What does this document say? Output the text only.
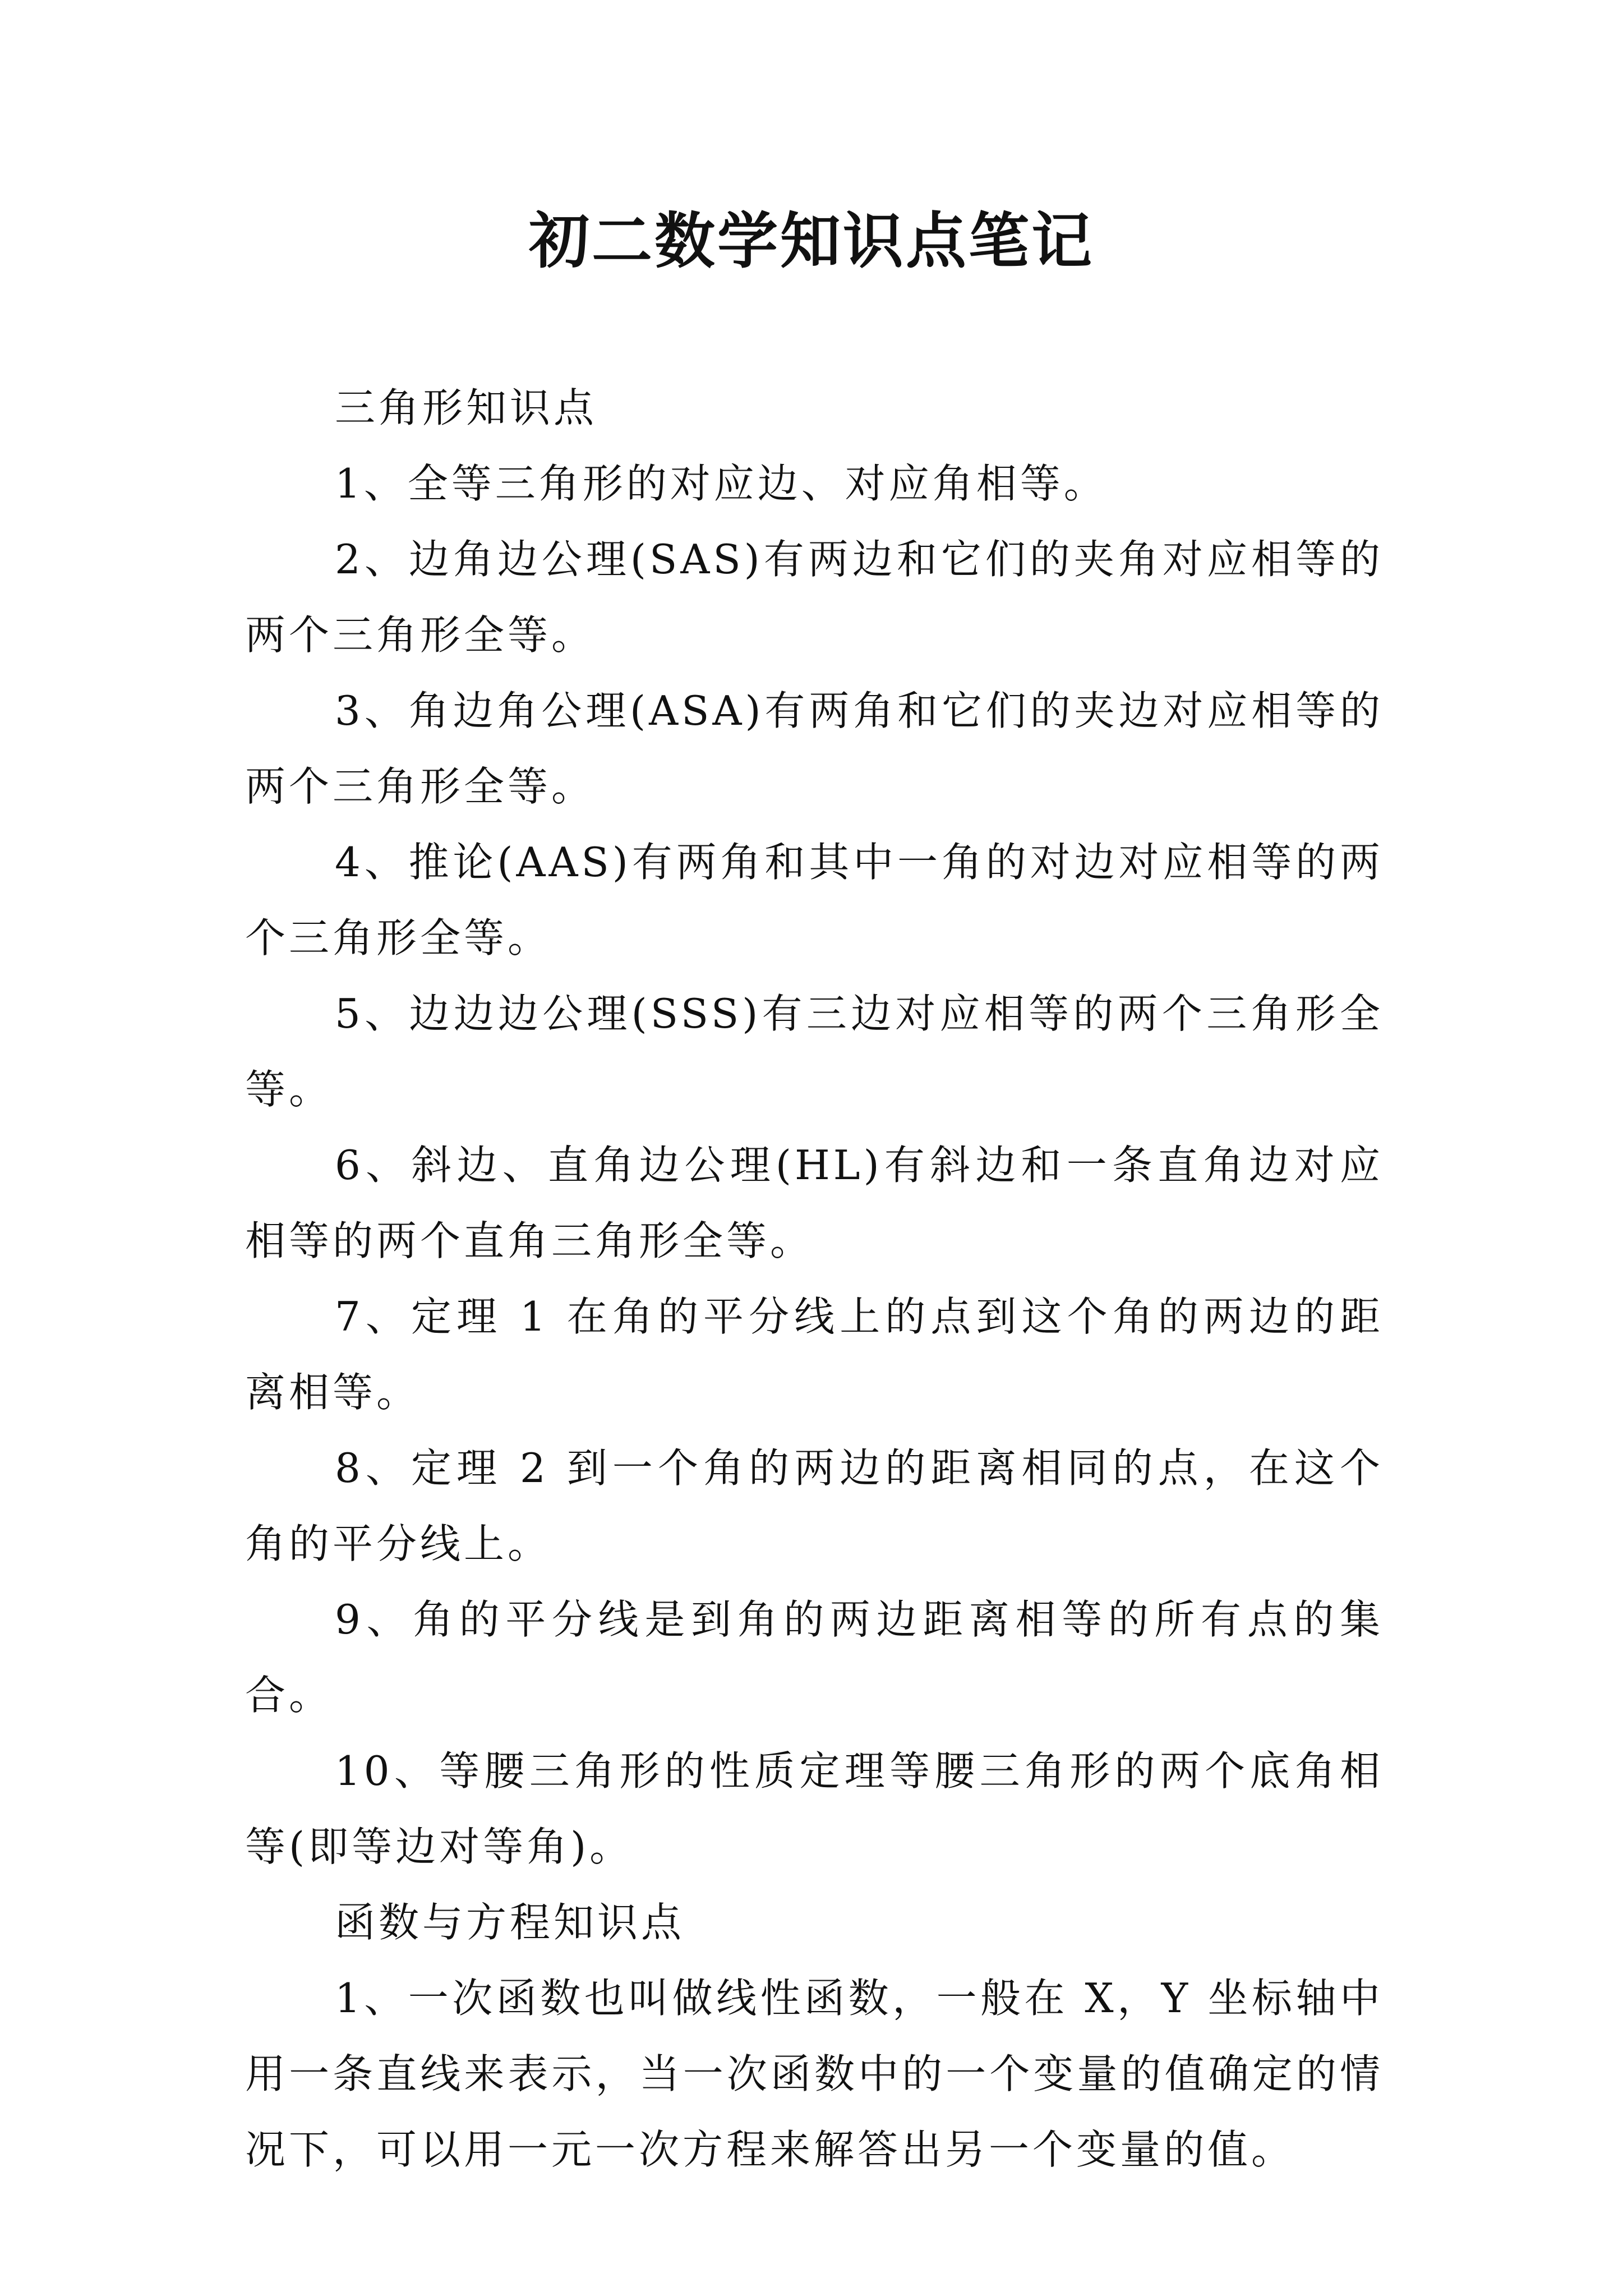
初二数学知识点笔记

三角形知识点

1、全等三角形的对应边、对应角相等。

2、边角边公理(SAS)有两边和它们的夹角对应相等的两个三角形全等。

3、角边角公理(ASA)有两角和它们的夹边对应相等的两个三角形全等。

4、推论(AAS)有两角和其中一角的对边对应相等的两个三角形全等。

5、边边边公理(SSS)有三边对应相等的两个三角形全等。

6、斜边、直角边公理(HL)有斜边和一条直角边对应相等的两个直角三角形全等。

7、定理 1 在角的平分线上的点到这个角的两边的距离相等。

8、定理 2 到一个角的两边的距离相同的点，在这个角的平分线上。

9、角的平分线是到角的两边距离相等的所有点的集合。

10、等腰三角形的性质定理等腰三角形的两个底角相等(即等边对等角)。

函数与方程知识点

1、一次函数也叫做线性函数，一般在 X，Y 坐标轴中用一条直线来表示，当一次函数中的一个变量的值确定的情况下，可以用一元一次方程来解答出另一个变量的值。
